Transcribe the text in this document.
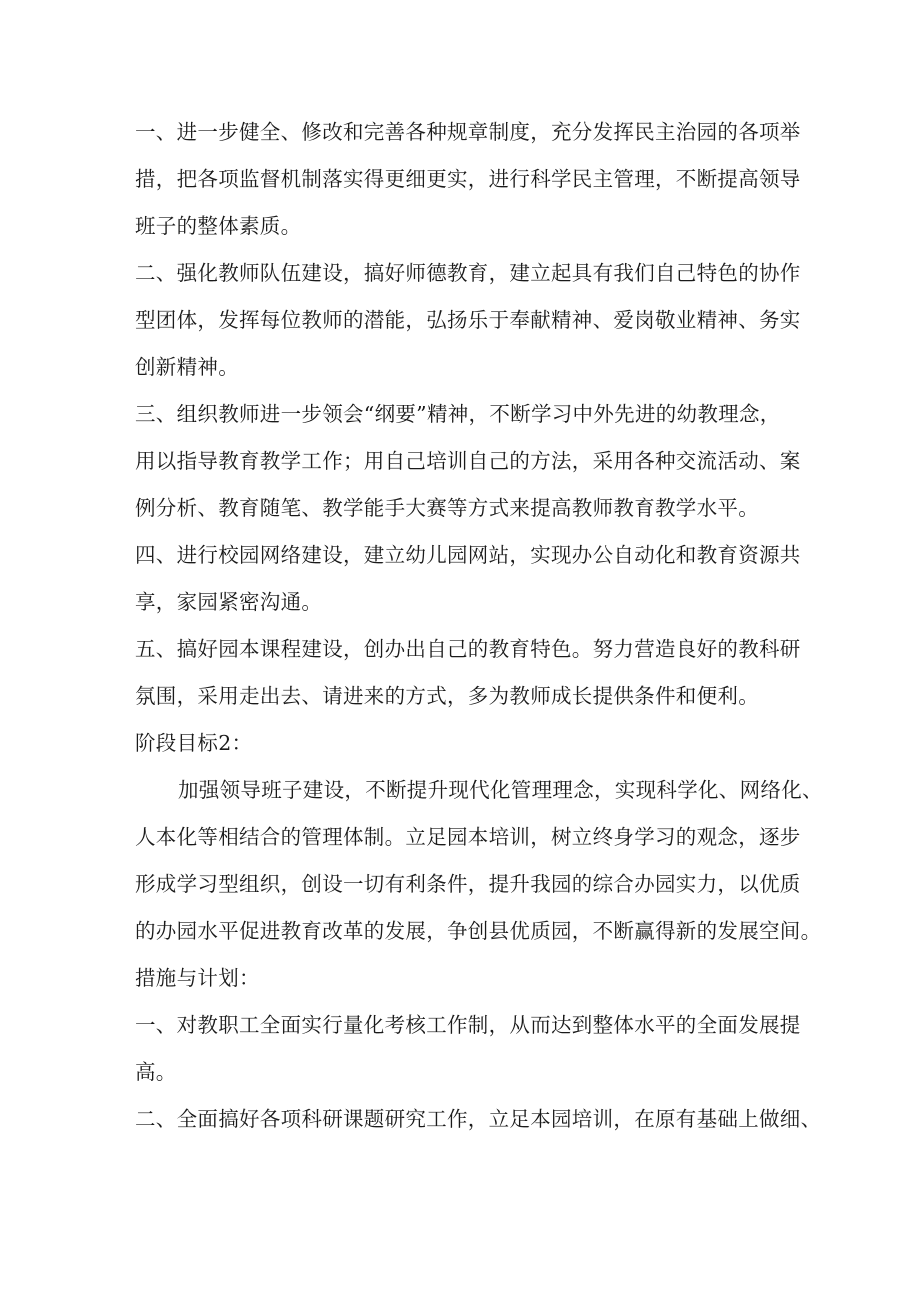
一、进一步健全、修改和完善各种规章制度，充分发挥民主治园的各项举
措，把各项监督机制落实得更细更实，进行科学民主管理，不断提高领导
班子的整体素质。
二、强化教师队伍建设，搞好师德教育，建立起具有我们自己特色的协作
型团体，发挥每位教师的潜能，弘扬乐于奉献精神、爱岗敬业精神、务实
创新精神。
三、组织教师进一步领会“纲要”精神，不断学习中外先进的幼教理念，
用以指导教育教学工作；用自己培训自己的方法，采用各种交流活动、案
例分析、教育随笔、教学能手大赛等方式来提高教师教育教学水平。
四、进行校园网络建设，建立幼儿园网站，实现办公自动化和教育资源共
享，家园紧密沟通。
五、搞好园本课程建设，创办出自己的教育特色。努力营造良好的教科研
氛围，采用走出去、请进来的方式，多为教师成长提供条件和便利。
阶段目标2：
加强领导班子建设，不断提升现代化管理理念，实现科学化、网络化、
人本化等相结合的管理体制。立足园本培训，树立终身学习的观念，逐步
形成学习型组织，创设一切有利条件，提升我园的综合办园实力，以优质
的办园水平促进教育改革的发展，争创县优质园，不断赢得新的发展空间。
措施与计划：
一、对教职工全面实行量化考核工作制，从而达到整体水平的全面发展提
高。
二、全面搞好各项科研课题研究工作，立足本园培训，在原有基础上做细、
